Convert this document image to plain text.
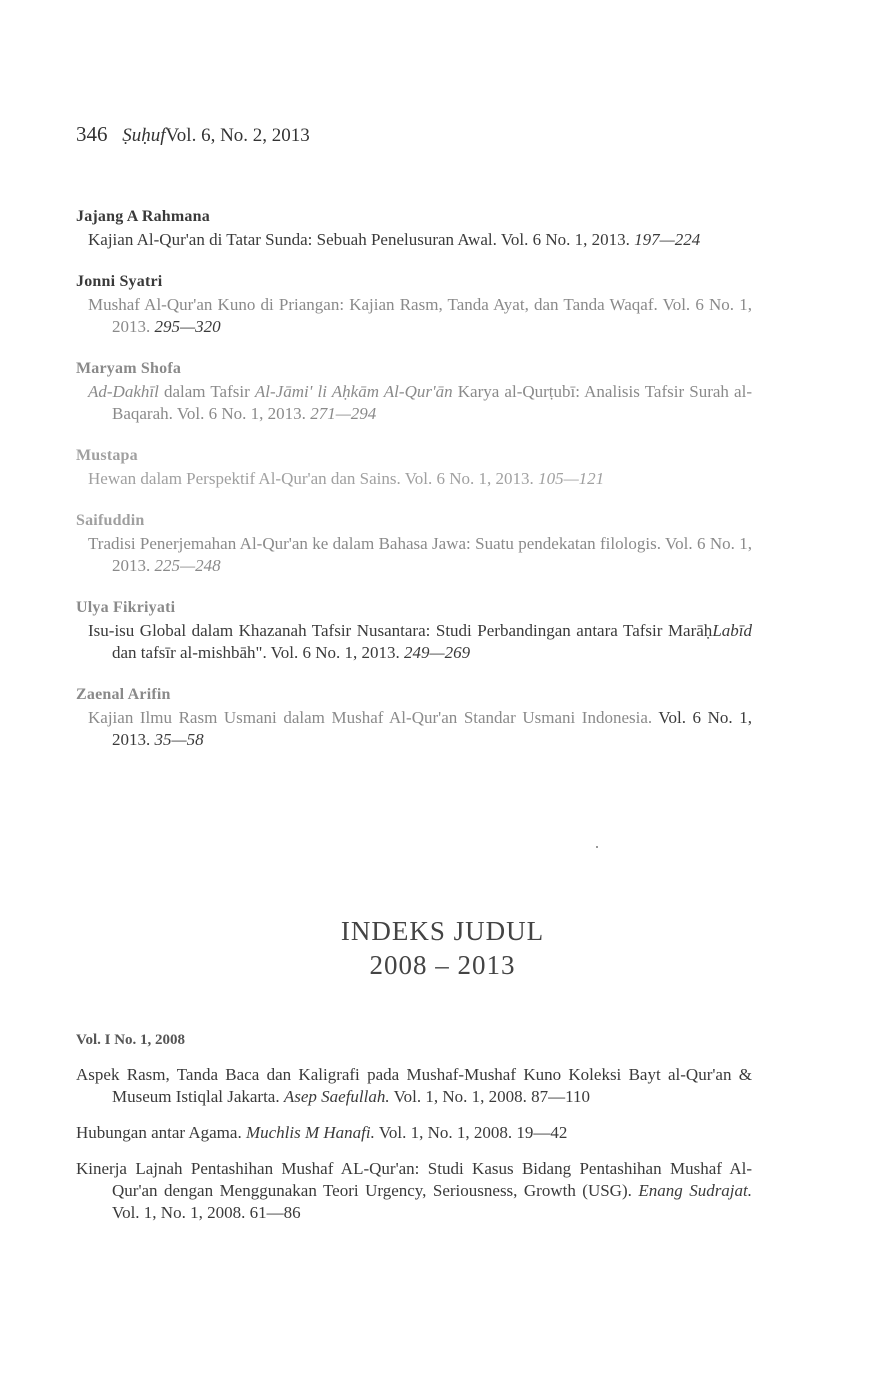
346 ṢuḥufVol. 6, No. 2, 2013
Jajang A Rahmana
Kajian Al-Qur'an di Tatar Sunda: Sebuah Penelusuran Awal. Vol. 6 No. 1, 2013. 197—224
Jonni Syatri
Mushaf Al-Qur'an Kuno di Priangan: Kajian Rasm, Tanda Ayat, dan Tanda Waqaf. Vol. 6 No. 1, 2013. 295—320
Maryam Shofa
Ad-Dakhīl dalam Tafsir Al-Jāmi' li Aḥkām Al-Qur'ān Karya al-Qurṭubī: Analisis Tafsir Surah al-Baqarah. Vol. 6 No. 1, 2013. 271—294
Mustapa
Hewan dalam Perspektif Al-Qur'an dan Sains. Vol. 6 No. 1, 2013. 105—121
Saifuddin
Tradisi Penerjemahan Al-Qur'an ke dalam Bahasa Jawa: Suatu pendekatan filologis. Vol. 6 No. 1, 2013. 225—248
Ulya Fikriyati
Isu-isu Global dalam Khazanah Tafsir Nusantara: Studi Perbandingan antara Tafsir MarāḥLabīd dan tafsīr al-mishbāh". Vol. 6 No. 1, 2013. 249—269
Zaenal Arifin
Kajian Ilmu Rasm Usmani dalam Mushaf Al-Qur'an Standar Usmani Indonesia. Vol. 6 No. 1, 2013. 35—58
INDEKS JUDUL
2008 – 2013
Vol. I No. 1, 2008
Aspek Rasm, Tanda Baca dan Kaligrafi pada Mushaf-Mushaf Kuno Koleksi Bayt al-Qur'an & Museum Istiqlal Jakarta. Asep Saefullah. Vol. 1, No. 1, 2008. 87—110
Hubungan antar Agama. Muchlis M Hanafi. Vol. 1, No. 1, 2008. 19—42
Kinerja Lajnah Pentashihan Mushaf AL-Qur'an: Studi Kasus Bidang Pentashihan Mushaf Al-Qur'an dengan Menggunakan Teori Urgency, Seriousness, Growth (USG). Enang Sudrajat. Vol. 1, No. 1, 2008. 61—86
